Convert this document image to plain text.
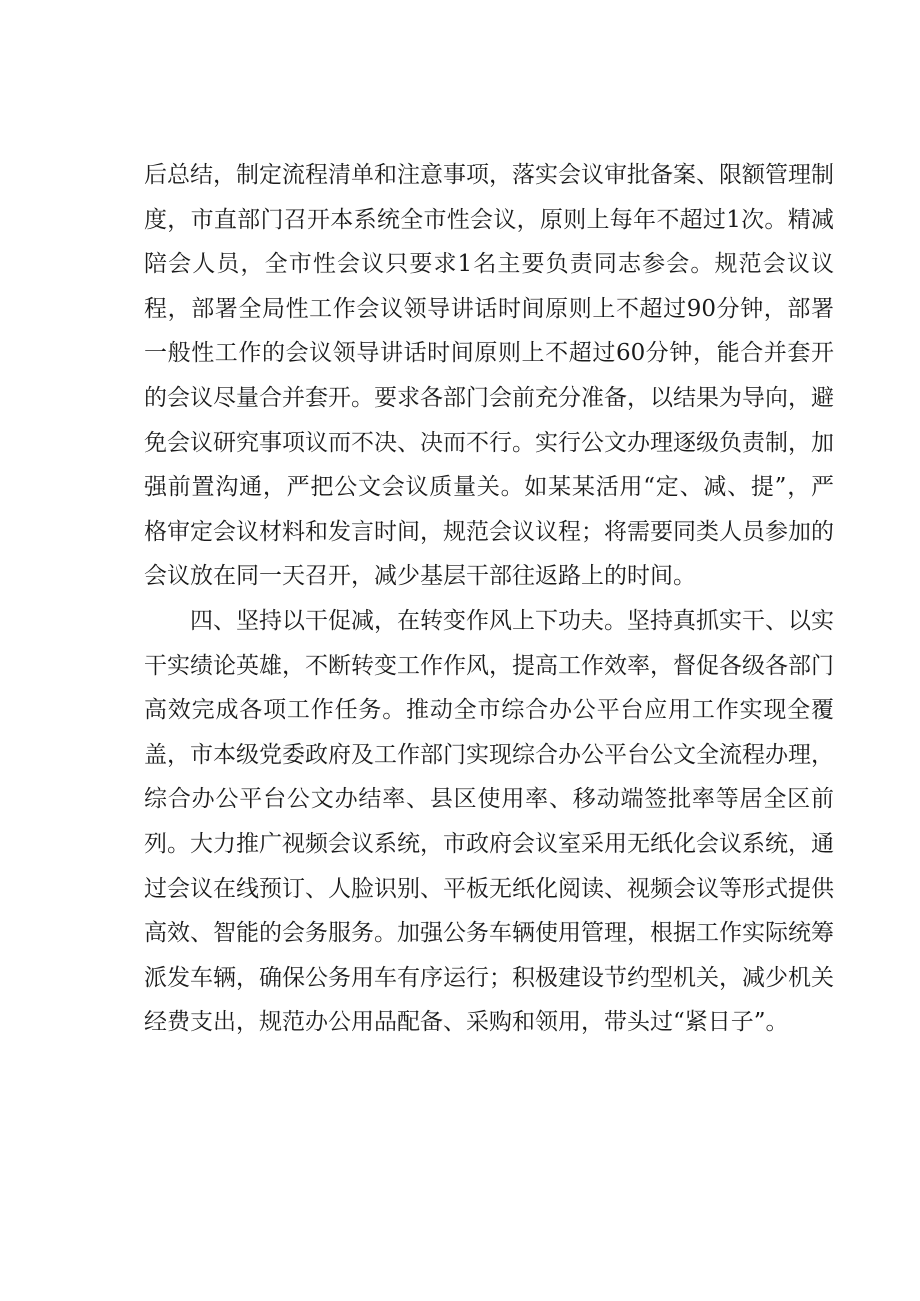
后总结，制定流程清单和注意事项，落实会议审批备案、限额管理制度，市直部门召开本系统全市性会议，原则上每年不超过1次。精减陪会人员，全市性会议只要求1名主要负责同志参会。规范会议议程，部署全局性工作会议领导讲话时间原则上不超过90分钟，部署一般性工作的会议领导讲话时间原则上不超过60分钟，能合并套开的会议尽量合并套开。要求各部门会前充分准备，以结果为导向，避免会议研究事项议而不决、决而不行。实行公文办理逐级负责制，加强前置沟通，严把公文会议质量关。如某某活用“定、减、提”，严格审定会议材料和发言时间，规范会议议程；将需要同类人员参加的会议放在同一天召开，减少基层干部往返路上的时间。

四、坚持以干促减，在转变作风上下功夫。坚持真抓实干、以实干实绩论英雄，不断转变工作作风，提高工作效率，督促各级各部门高效完成各项工作任务。推动全市综合办公平台应用工作实现全覆盖，市本级党委政府及工作部门实现综合办公平台公文全流程办理，综合办公平台公文办结率、县区使用率、移动端签批率等居全区前列。大力推广视频会议系统，市政府会议室采用无纸化会议系统，通过会议在线预订、人脸识别、平板无纸化阅读、视频会议等形式提供高效、智能的会务服务。加强公务车辆使用管理，根据工作实际统筹派发车辆，确保公务用车有序运行；积极建设节约型机关，减少机关经费支出，规范办公用品配备、采购和领用，带头过“紧日子”。
